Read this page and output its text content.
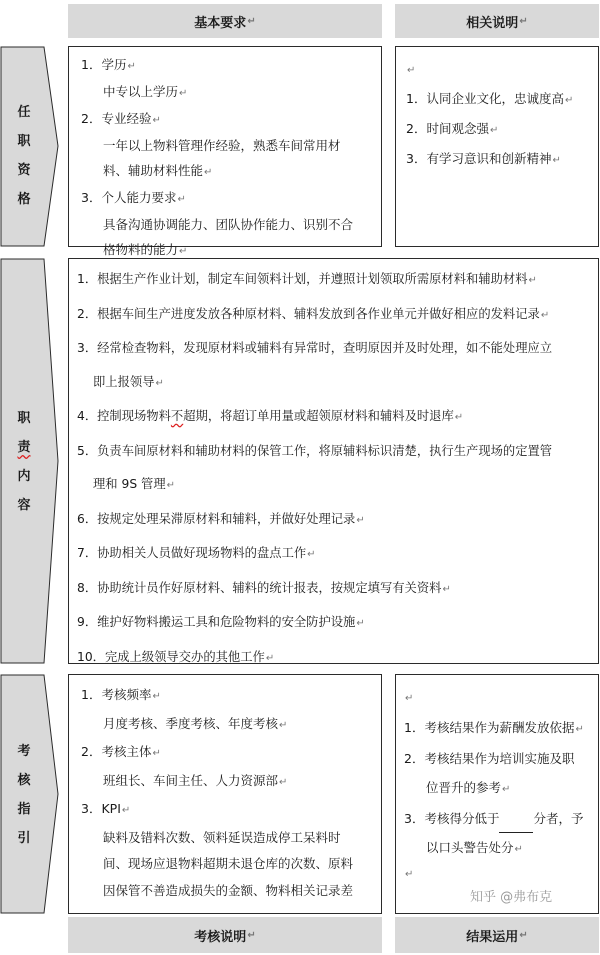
基本要求 ↵	相关说明 ↵
任
职
资
格
1．学历↵
中专以上学历↵
2．专业经验↵
一年以上物料管理作经验，熟悉车间常用材
料、辅助材料性能↵
3．个人能力要求↵
具备沟通协调能力、团队协作能力、识别不合
格物料的能力↵
↵
1．认同企业文化，忠诚度高↵
2．时间观念强↵
3．有学习意识和创新精神↵
职
责
内
容
1．根据生产作业计划，制定车间领料计划，并遵照计划领取所需原材料和辅助材料↵
2．根据车间生产进度发放各种原材料、辅料发放到各作业单元并做好相应的发料记录↵
3．经常检查物料，发现原材料或辅料有异常时，查明原因并及时处理，如不能处理应立
即上报领导↵
4．控制现场物料不超期，将超订单用量或超领原材料和辅料及时退库↵
5．负责车间原材料和辅助材料的保管工作，将原辅料标识清楚，执行生产现场的定置管
理和 9S 管理↵
6．按规定处理呆滞原材料和辅料，并做好处理记录↵
7．协助相关人员做好现场物料的盘点工作↵
8．协助统计员作好原材料、辅料的统计报表，按规定填写有关资料↵
9．维护好物料搬运工具和危险物料的安全防护设施↵
10．完成上级领导交办的其他工作↵
考
核
指
引
1．考核频率↵
月度考核、季度考核、年度考核↵
2．考核主体↵
班组长、车间主任、人力资源部↵
3．KPI↵
缺料及错料次数、领料延误造成停工呆料时
间、现场应退物料超期未退仓库的次数、原料
因保管不善造成损失的金额、物料相关记录差
↵
1．考核结果作为薪酬发放依据↵
2．考核结果作为培训实施及职
位晋升的参考↵
3．考核得分低于	分者，予
以口头警告处分↵
↵
知乎 @弗布克
考核说明 ↵	结果运用 ↵
